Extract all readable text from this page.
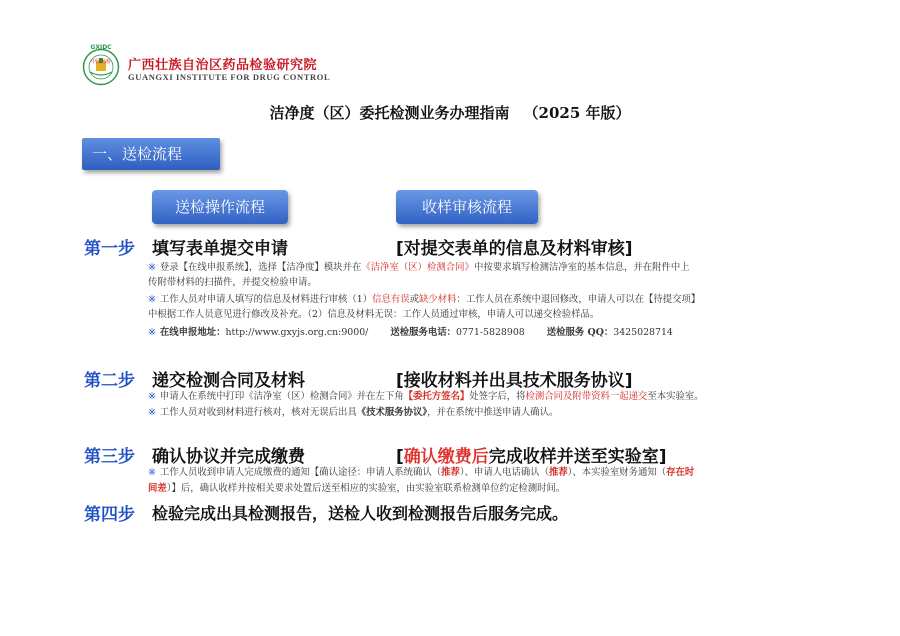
GXIDC
中国药检	广西壮族自治区药品检验研究院
GUANGXI INSTITUTE FOR DRUG CONTROL
洁净度（区）委托检测业务办理指南 （2025 年版）
一、送检流程
送检操作流程	收样审核流程
第一步 填写表单提交申请	[对提交表单的信息及材料审核]
※ 登录【在线申报系统】，选择【洁净度】模块并在《洁净室（区）检测合同》中按要求填写检测洁净室的基本信息，并在附件中上
传附带材料的扫描件，并提交检验申请。
※ 工作人员对申请人填写的信息及材料进行审核（1）信息有误或缺少材料：工作人员在系统中退回修改，申请人可以在【待提交项】
中根据工作人员意见进行修改及补充。（2）信息及材料无误：工作人员通过审核，申请人可以递交检验样品。
※ 在线申报地址：http://www.gxyjs.org.cn:9000/ 送检服务电话：0771-5828908 送检服务 QQ：3425028714
第二步 递交检测合同及材料	[接收材料并出具技术服务协议]
※ 申请人在系统中打印《洁净室（区）检测合同》并在左下角【委托方签名】处签字后，将检测合同及附带资料一起递交至本实验室。
※ 工作人员对收到材料进行核对，核对无误后出具《技术服务协议》，并在系统中推送申请人确认。
第三步 确认协议并完成缴费	[确认缴费后完成收样并送至实验室]
※ 工作人员收到申请人完成缴费的通知【确认途径：申请人系统确认（推荐）、申请人电话确认（推荐）、本实验室财务通知（存在时
间差）】后，确认收样并按相关要求处置后送至相应的实验室，由实验室联系检测单位约定检测时间。
第四步 检验完成出具检测报告，送检人收到检测报告后服务完成。
